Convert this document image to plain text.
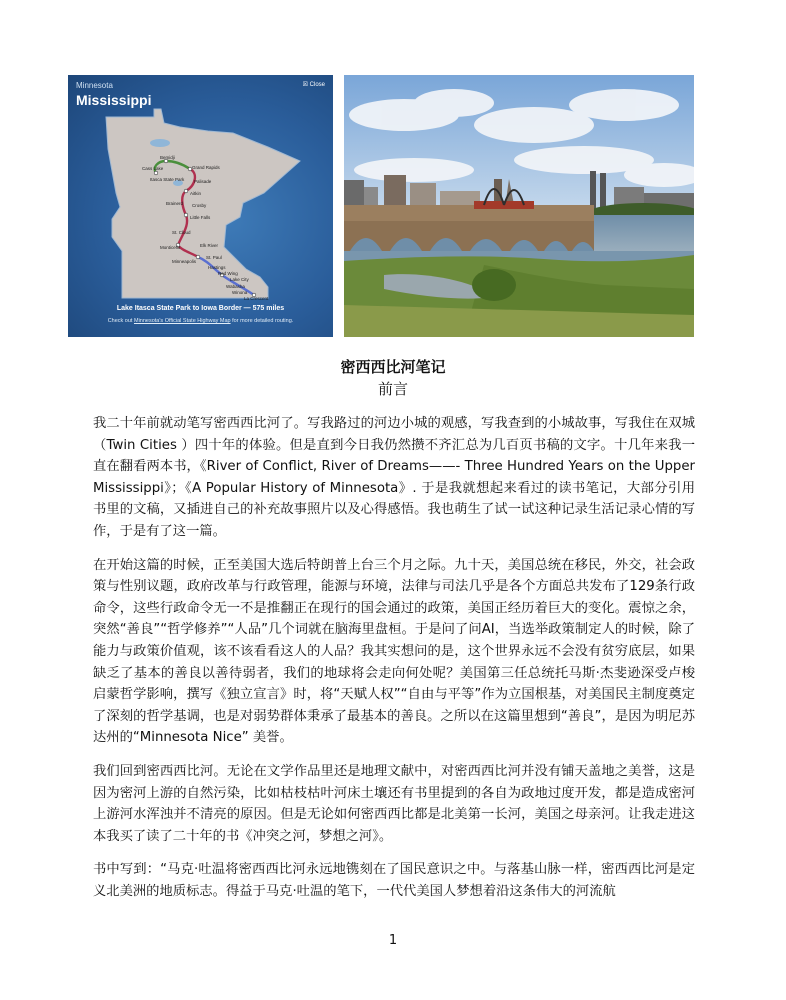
Minnesota
Mississippi
☒ Close
Bemidji
Cass Lake	Grand Rapids
Itasca State Park Palisade
Aitkin
Brainerd Crosby
Little Falls
St. Cloud
Monticello	Elk River
Minneapolis
St. Paul
Hastings
Red Wing
Lake City
Wabasha
Winona
La Crescent
Lake Itasca State Park to Iowa Border — 575 miles
Check out Minnesota's Official State Highway Map for more detailed routing.
密西西比河笔记
前言

我二十年前就动笔写密西西比河了。写我路过的河边小城的观感，写我查到的小城故事，写我住在双城（Twin Cities ）四十年的体验。但是直到今日我仍然攒不齐汇总为几百页书稿的文字。十几年来我一直在翻看两本书，《River of Conflict, River of Dreams——- Three Hundred Years on the Upper Mississippi》；《A Popular History of Minnesota》. 于是我就想起来看过的读书笔记，大部分引用书里的文稿，又插进自己的补充故事照片以及心得感悟。我也萌生了试一试这种记录生活记录心情的写作，于是有了这一篇。

在开始这篇的时候，正至美国大选后特朗普上台三个月之际。九十天，美国总统在移民，外交，社会政策与性别议题，政府改革与行政管理，能源与环境，法律与司法几乎是各个方面总共发布了129条行政命令，这些行政命令无一不是推翻正在现行的国会通过的政策，美国正经历着巨大的变化。震惊之余，突然“善良”“哲学修养”“人品”几个词就在脑海里盘桓。于是问了问AI，当选举政策制定人的时候，除了能力与政策价值观，该不该看看这人的人品？我其实想问的是，这个世界永远不会没有贫穷底层，如果缺乏了基本的善良以善待弱者，我们的地球将会走向何处呢？美国第三任总统托马斯·杰斐逊深受卢梭启蒙哲学影响，撰写《独立宣言》时，将“天赋人权”“自由与平等”作为立国根基，对美国民主制度奠定了深刻的哲学基调，也是对弱势群体秉承了最基本的善良。之所以在这篇里想到“善良”，是因为明尼苏达州的“Minnesota Nice” 美誉。

我们回到密西西比河。无论在文学作品里还是地理文献中，对密西西比河并没有铺天盖地之美誉，这是因为密河上游的自然污染，比如枯枝枯叶河床土壤还有书里提到的各自为政地过度开发，都是造成密河上游河水浑浊并不清亮的原因。但是无论如何密西西比都是北美第一长河，美国之母亲河。让我走进这本我买了读了二十年的书《冲突之河，梦想之河》。

书中写到：“马克·吐温将密西西比河永远地镌刻在了国民意识之中。与落基山脉一样，密西西比河是定义北美洲的地质标志。得益于马克·吐温的笔下，一代代美国人梦想着沿这条伟大的河流航

1
